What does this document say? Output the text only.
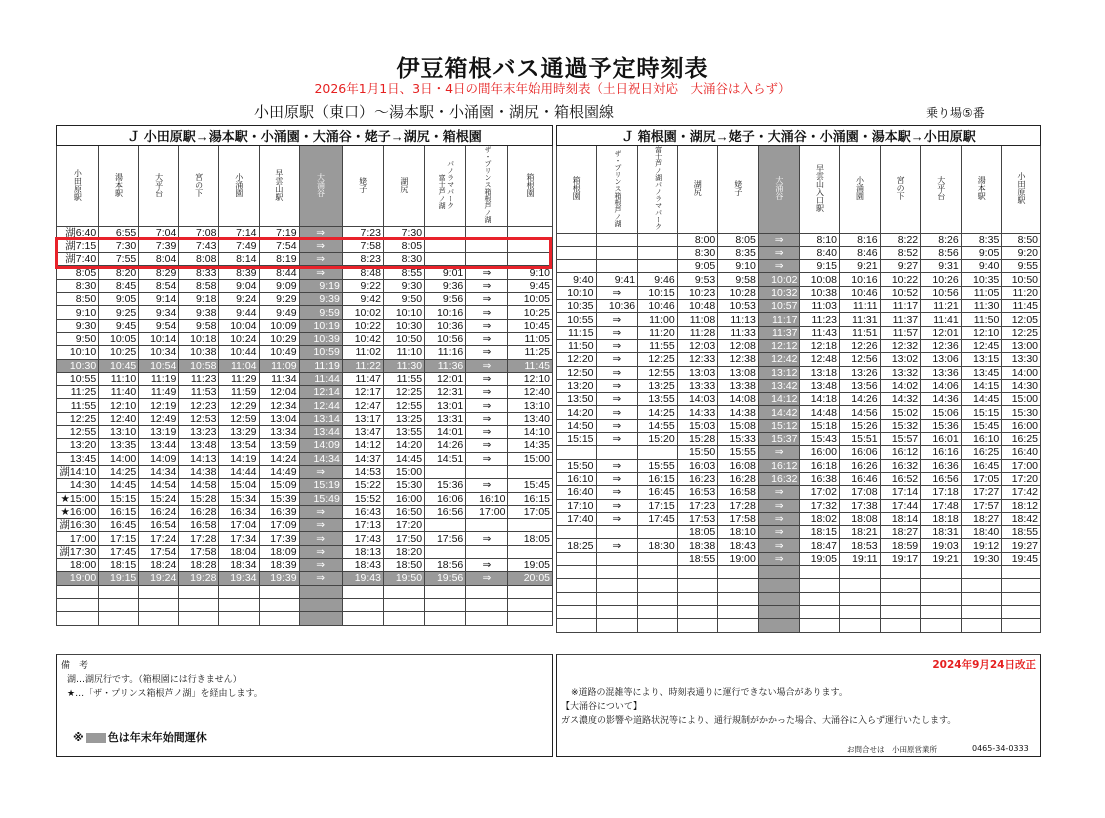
伊豆箱根バス通過予定時刻表

2026年1月1日、3日・4日の間年末年始用時刻表（土日祝日対応　大涌谷は入らず）

小田原駅（東口）～湯本駅・小涌園・湖尻・箱根園線	乗り場⑤番

Ｊ 小田原駅→湯本駅・小涌園・大涌谷・姥子→湖尻・箱根園											
小田原駅	湯本駅	大平台	宮の下	小涌園	早雲山駅	大涌谷	姥子	湖尻	富士芦ノ湖パノラマパーク	ザ・プリンス箱根芦ノ湖	箱根園
湖6:40	6:55	7:04	7:08	7:14	7:19	⇒	7:23	7:30			
湖7:15	7:30	7:39	7:43	7:49	7:54	⇒	7:58	8:05			
湖7:40	7:55	8:04	8:08	8:14	8:19	⇒	8:23	8:30			
8:05	8:20	8:29	8:33	8:39	8:44	⇒	8:48	8:55	9:01	⇒	9:10
8:30	8:45	8:54	8:58	9:04	9:09	9:19	9:22	9:30	9:36	⇒	9:45
8:50	9:05	9:14	9:18	9:24	9:29	9:39	9:42	9:50	9:56	⇒	10:05
9:10	9:25	9:34	9:38	9:44	9:49	9:59	10:02	10:10	10:16	⇒	10:25
9:30	9:45	9:54	9:58	10:04	10:09	10:19	10:22	10:30	10:36	⇒	10:45
9:50	10:05	10:14	10:18	10:24	10:29	10:39	10:42	10:50	10:56	⇒	11:05
10:10	10:25	10:34	10:38	10:44	10:49	10:59	11:02	11:10	11:16	⇒	11:25
10:30	10:45	10:54	10:58	11:04	11:09	11:19	11:22	11:30	11:36	⇒	11:45
10:55	11:10	11:19	11:23	11:29	11:34	11:44	11:47	11:55	12:01	⇒	12:10
11:25	11:40	11:49	11:53	11:59	12:04	12:14	12:17	12:25	12:31	⇒	12:40
11:55	12:10	12:19	12:23	12:29	12:34	12:44	12:47	12:55	13:01	⇒	13:10
12:25	12:40	12:49	12:53	12:59	13:04	13:14	13:17	13:25	13:31	⇒	13:40
12:55	13:10	13:19	13:23	13:29	13:34	13:44	13:47	13:55	14:01	⇒	14:10
13:20	13:35	13:44	13:48	13:54	13:59	14:09	14:12	14:20	14:26	⇒	14:35
13:45	14:00	14:09	14:13	14:19	14:24	14:34	14:37	14:45	14:51	⇒	15:00
湖14:10	14:25	14:34	14:38	14:44	14:49	⇒	14:53	15:00			
14:30	14:45	14:54	14:58	15:04	15:09	15:19	15:22	15:30	15:36	⇒	15:45
★15:00	15:15	15:24	15:28	15:34	15:39	15:49	15:52	16:00	16:06	16:10	16:15
★16:00	16:15	16:24	16:28	16:34	16:39	⇒	16:43	16:50	16:56	17:00	17:05
湖16:30	16:45	16:54	16:58	17:04	17:09	⇒	17:13	17:20			
17:00	17:15	17:24	17:28	17:34	17:39	⇒	17:43	17:50	17:56	⇒	18:05
湖17:30	17:45	17:54	17:58	18:04	18:09	⇒	18:13	18:20			
18:00	18:15	18:24	18:28	18:34	18:39	⇒	18:43	18:50	18:56	⇒	19:05
19:00	19:15	19:24	19:28	19:34	19:39	⇒	19:43	19:50	19:56	⇒	20:05

Ｊ 箱根園・湖尻→姥子・大涌谷・小涌園・湯本駅→小田原駅											
箱根園	ザ・プリンス箱根芦ノ湖	富士芦ノ湖パノラマパーク	湖尻	姥子	大涌谷	早雲山入口駅	小涌園	宮の下	大平台	湯本駅	小田原駅
			8:00	8:05	⇒	8:10	8:16	8:22	8:26	8:35	8:50
			8:30	8:35	⇒	8:40	8:46	8:52	8:56	9:05	9:20
			9:05	9:10	⇒	9:15	9:21	9:27	9:31	9:40	9:55
9:40	9:41	9:46	9:53	9:58	10:02	10:08	10:16	10:22	10:26	10:35	10:50
10:10	⇒	10:15	10:23	10:28	10:32	10:38	10:46	10:52	10:56	11:05	11:20
10:35	10:36	10:46	10:48	10:53	10:57	11:03	11:11	11:17	11:21	11:30	11:45
10:55	⇒	11:00	11:08	11:13	11:17	11:23	11:31	11:37	11:41	11:50	12:05
11:15	⇒	11:20	11:28	11:33	11:37	11:43	11:51	11:57	12:01	12:10	12:25
11:50	⇒	11:55	12:03	12:08	12:12	12:18	12:26	12:32	12:36	12:45	13:00
12:20	⇒	12:25	12:33	12:38	12:42	12:48	12:56	13:02	13:06	13:15	13:30
12:50	⇒	12:55	13:03	13:08	13:12	13:18	13:26	13:32	13:36	13:45	14:00
13:20	⇒	13:25	13:33	13:38	13:42	13:48	13:56	14:02	14:06	14:15	14:30
13:50	⇒	13:55	14:03	14:08	14:12	14:18	14:26	14:32	14:36	14:45	15:00
14:20	⇒	14:25	14:33	14:38	14:42	14:48	14:56	15:02	15:06	15:15	15:30
14:50	⇒	14:55	15:03	15:08	15:12	15:18	15:26	15:32	15:36	15:45	16:00
15:15	⇒	15:20	15:28	15:33	15:37	15:43	15:51	15:57	16:01	16:10	16:25
			15:50	15:55	⇒	16:00	16:06	16:12	16:16	16:25	16:40
15:50	⇒	15:55	16:03	16:08	16:12	16:18	16:26	16:32	16:36	16:45	17:00
16:10	⇒	16:15	16:23	16:28	16:32	16:38	16:46	16:52	16:56	17:05	17:20
16:40	⇒	16:45	16:53	16:58	⇒	17:02	17:08	17:14	17:18	17:27	17:42
17:10	⇒	17:15	17:23	17:28	⇒	17:32	17:38	17:44	17:48	17:57	18:12
17:40	⇒	17:45	17:53	17:58	⇒	18:02	18:08	18:14	18:18	18:27	18:42
			18:05	18:10	⇒	18:15	18:21	18:27	18:31	18:40	18:55
18:25	⇒	18:30	18:38	18:43	⇒	18:47	18:53	18:59	19:03	19:12	19:27
			18:55	19:00	⇒	19:05	19:11	19:17	19:21	19:30	19:45

備　考

湖…湖尻行です。（箱根園には行きません）

★…「ザ・プリンス箱根芦ノ湖」を経由します。

※ 色は年末年始間運休

2024年9月24日改正

※道路の混雑等により、時刻表通りに運行できない場合があります。

【大涌谷について】

ガス濃度の影響や道路状況等により、通行規制がかかった場合、大涌谷に入らず運行いたします。

お問合せは　小田原営業所	0465-34-0333
